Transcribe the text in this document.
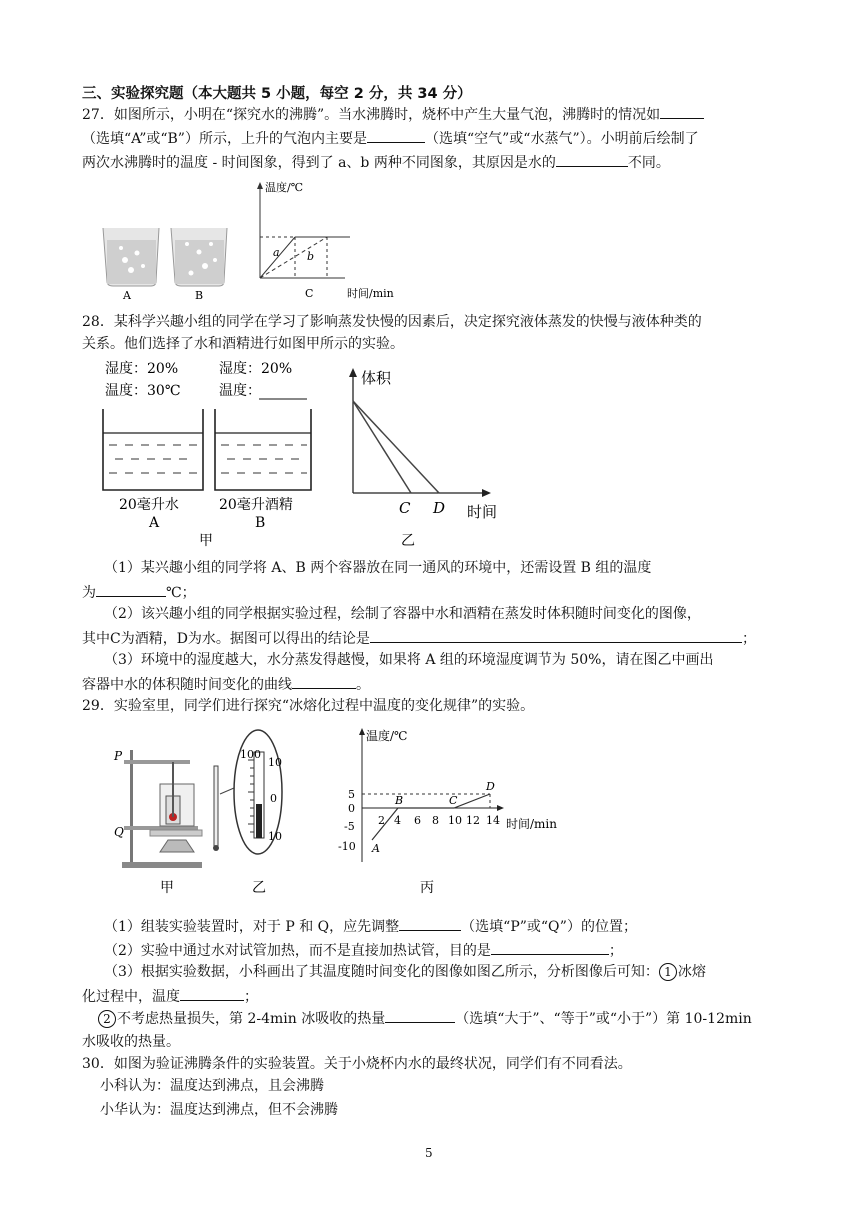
三、实验探究题（本大题共 5 小题，每空 2 分，共 34 分）
27．如图所示，小明在“探究水的沸腾”。当水沸腾时，烧杯中产生大量气泡，沸腾时的情况如
（选填“A”或“B”）所示，上升的气泡内主要是	（选填“空气”或“水蒸气”）。小明前后绘制了
两次水沸腾时的温度 - 时间图象，得到了 a、b 两种不同图象，其原因是水的	不同。
A	B
温度/℃
时间/min
a b
C
28．某科学兴趣小组的同学在学习了影响蒸发快慢的因素后，决定探究液体蒸发的快慢与液体种类的
关系。他们选择了水和酒精进行如图甲所示的实验。
湿度：20%
温度：30℃
20毫升水
A
甲
湿度：20%
温度：
20毫升酒精
B
体积
时间
C D
乙
（1）某兴趣小组的同学将 A、B 两个容器放在同一通风的环境中，还需设置 B 组的温度
为	℃；
（2）该兴趣小组的同学根据实验过程，绘制了容器中水和酒精在蒸发时体积随时间变化的图像，
其中C为酒精，D为水。据图可以得出的结论是	；
（3）环境中的湿度越大，水分蒸发得越慢，如果将 A 组的环境湿度调节为 50%，请在图乙中画出
容器中水的体积随时间变化的曲线	。
29．实验室里，同学们进行探究“冰熔化过程中温度的变化规律”的实验。
P
Q
甲
100
10
0
10
乙
温度/℃
时间/min
5
0
-5
-10
2 4 6 8 10 12 14
A
B	C
D
丙
（1）组装实验装置时，对于 P 和 Q，应先调整	（选填“P”或“Q”）的位置；
（2）实验中通过水对试管加热，而不是直接加热试管，目的是	；
（3）根据实验数据，小科画出了其温度随时间变化的图像如图乙所示，分析图像后可知： 1 冰熔
化过程中，温度	；
2 不考虑热量损失，第 2-4min 冰吸收的热量	（选填“大于”、“等于”或“小于”）第 10-12min
水吸收的热量。
30．如图为验证沸腾条件的实验装置。关于小烧杯内水的最终状况，同学们有不同看法。
小科认为：温度达到沸点，且会沸腾
小华认为：温度达到沸点，但不会沸腾
5
